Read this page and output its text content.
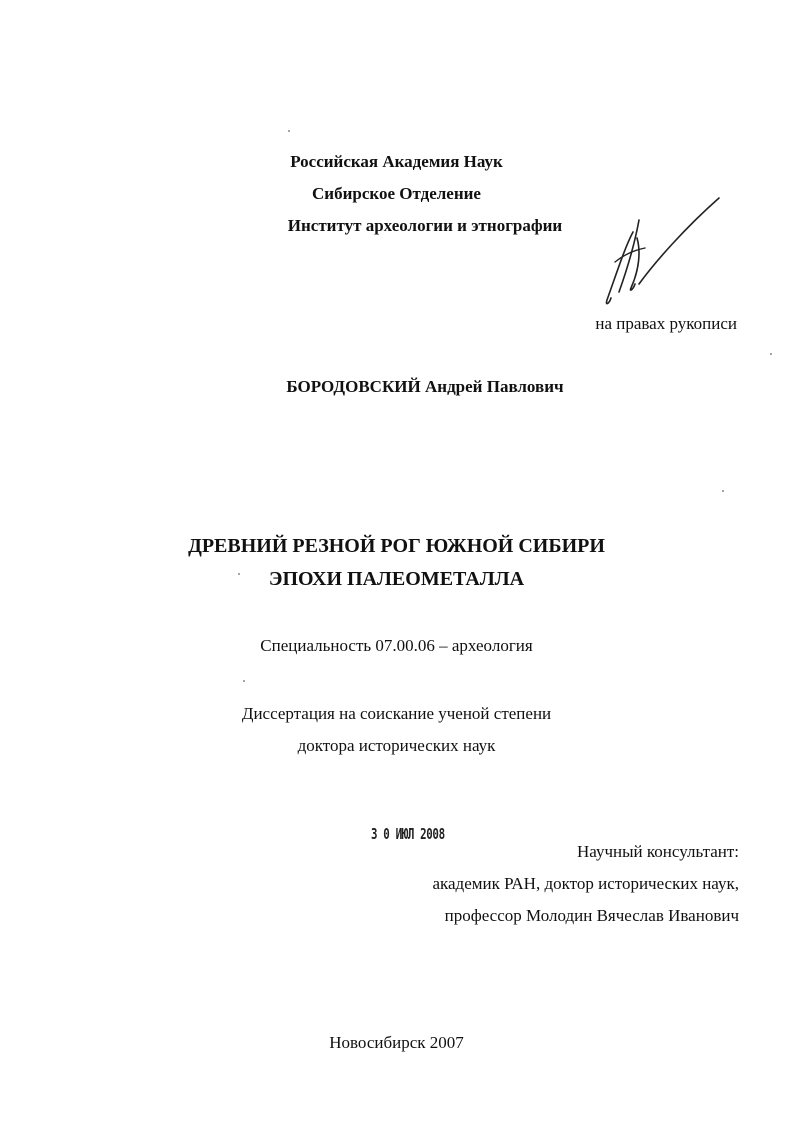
Российская Академия Наук
Сибирское Отделение
Институт археологии и этнографии
на правах рукописи
БОРОДОВСКИЙ Андрей Павлович
ДРЕВНИЙ РЕЗНОЙ РОГ ЮЖНОЙ СИБИРИ
ЭПОХИ ПАЛЕОМЕТАЛЛА
Специальность 07.00.06 – археология
Диссертация на соискание ученой степени
доктора исторических наук
3 0 ИЮЛ 2008
Научный консультант:
академик РАН, доктор исторических наук,
профессор Молодин Вячеслав Иванович
Новосибирск 2007
